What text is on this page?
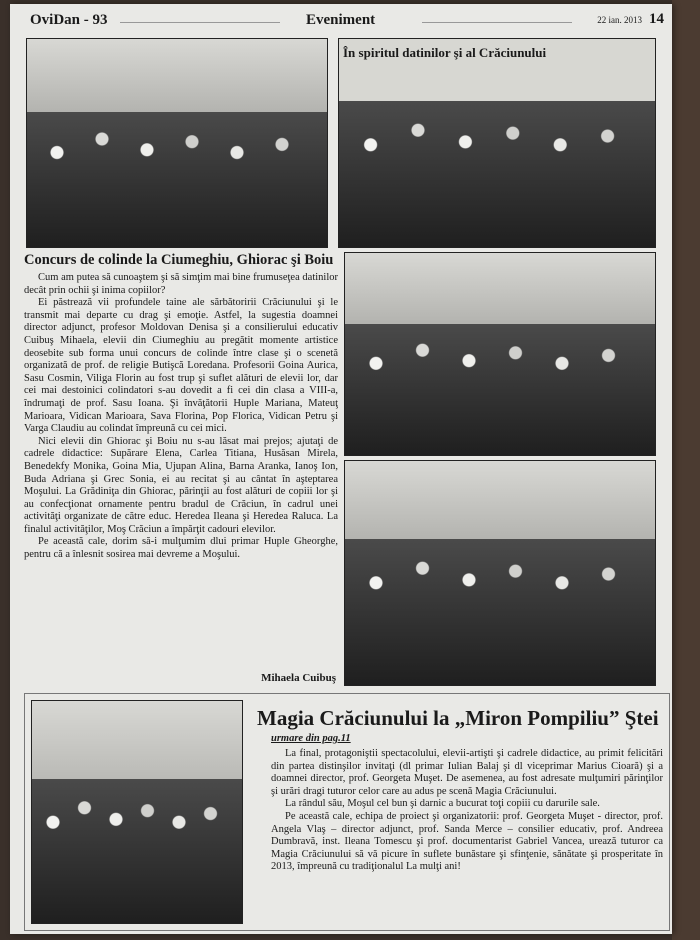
OviDan - 93	Eveniment	22 ian. 2013 14
În spiritul datinilor şi al Crăciunului
Concurs de colinde la Ciumeghiu, Ghiorac şi Boiu

Cum am putea să cunoaştem şi să simţim mai bine frumuseţea datinilor decât prin ochii şi inima copiilor?

Ei păstrează vii profundele taine ale sărbătoririi Crăciunului şi le transmit mai departe cu drag şi emoţie. Astfel, la sugestia doamnei director adjunct, profesor Moldovan Denisa şi a consilierului educativ Cuibuş Mihaela, elevii din Ciumeghiu au pregătit momente artistice deosebite sub forma unui concurs de colinde între clase şi o scenetă organizată de prof. de religie Butişcă Loredana. Profesorii Goina Aurica, Sasu Cosmin, Viliga Florin au fost trup şi suflet alături de elevii lor, dar cei mai destoinici colindatori s-au dovedit a fi cei din clasa a VIII-a, îndrumaţi de prof. Sasu Ioana. Şi învăţătorii Huple Mariana, Mateuţ Marioara, Vidican Marioara, Sava Florina, Pop Florica, Vidican Petru şi Varga Claudiu au colindat împreună cu cei mici.

Nici elevii din Ghiorac şi Boiu nu s-au lăsat mai prejos; ajutaţi de cadrele didactice: Supărare Elena, Carlea Titiana, Husăsan Mirela, Benedekfy Monika, Goina Mia, Ujupan Alina, Barna Aranka, Ianoş Ion, Buda Adriana şi Grec Sonia, ei au recitat şi au cântat în aşteptarea Moşului. La Grădiniţa din Ghiorac, părinţii au fost alături de copiii lor şi au confecţionat ornamente pentru bradul de Crăciun, în cadrul unei activităţi organizate de către educ. Heredea Ileana şi Heredea Raluca. La finalul activităţilor, Moş Crăciun a împărţit cadouri elevilor.

Pe această cale, dorim să-i mulţumim dlui primar Huple Gheorghe, pentru că a înlesnit sosirea mai devreme a Moşului.

Mihaela Cuibuş
Magia Crăciunului la „Miron Pompiliu” Ştei
urmare din pag.11

La final, protagoniştii spectacolului, elevii-artişti şi cadrele didactice, au primit felicitări din partea distinşilor invitaţi (dl primar Iulian Balaj şi dl viceprimar Marius Cioară) şi a doamnei director, prof. Georgeta Muşet. De asemenea, au fost adresate mulţumiri părinţilor şi urări dragi tuturor celor care au adus pe scenă Magia Crăciunului.

La rândul său, Moşul cel bun şi darnic a bucurat toţi copiii cu darurile sale.

Pe această cale, echipa de proiect şi organizatorii: prof. Georgeta Muşet - director, prof. Angela Vlaş – director adjunct, prof. Sanda Merce – consilier educativ, prof. Andreea Dumbravă, inst. Ileana Tomescu şi prof. documentarist Gabriel Vancea, urează tuturor ca Magia Crăciunului să vă picure în suflete bunăstare şi sfinţenie, sănătate şi prosperitate în 2013, împreună cu tradiţionalul La mulţi ani!
